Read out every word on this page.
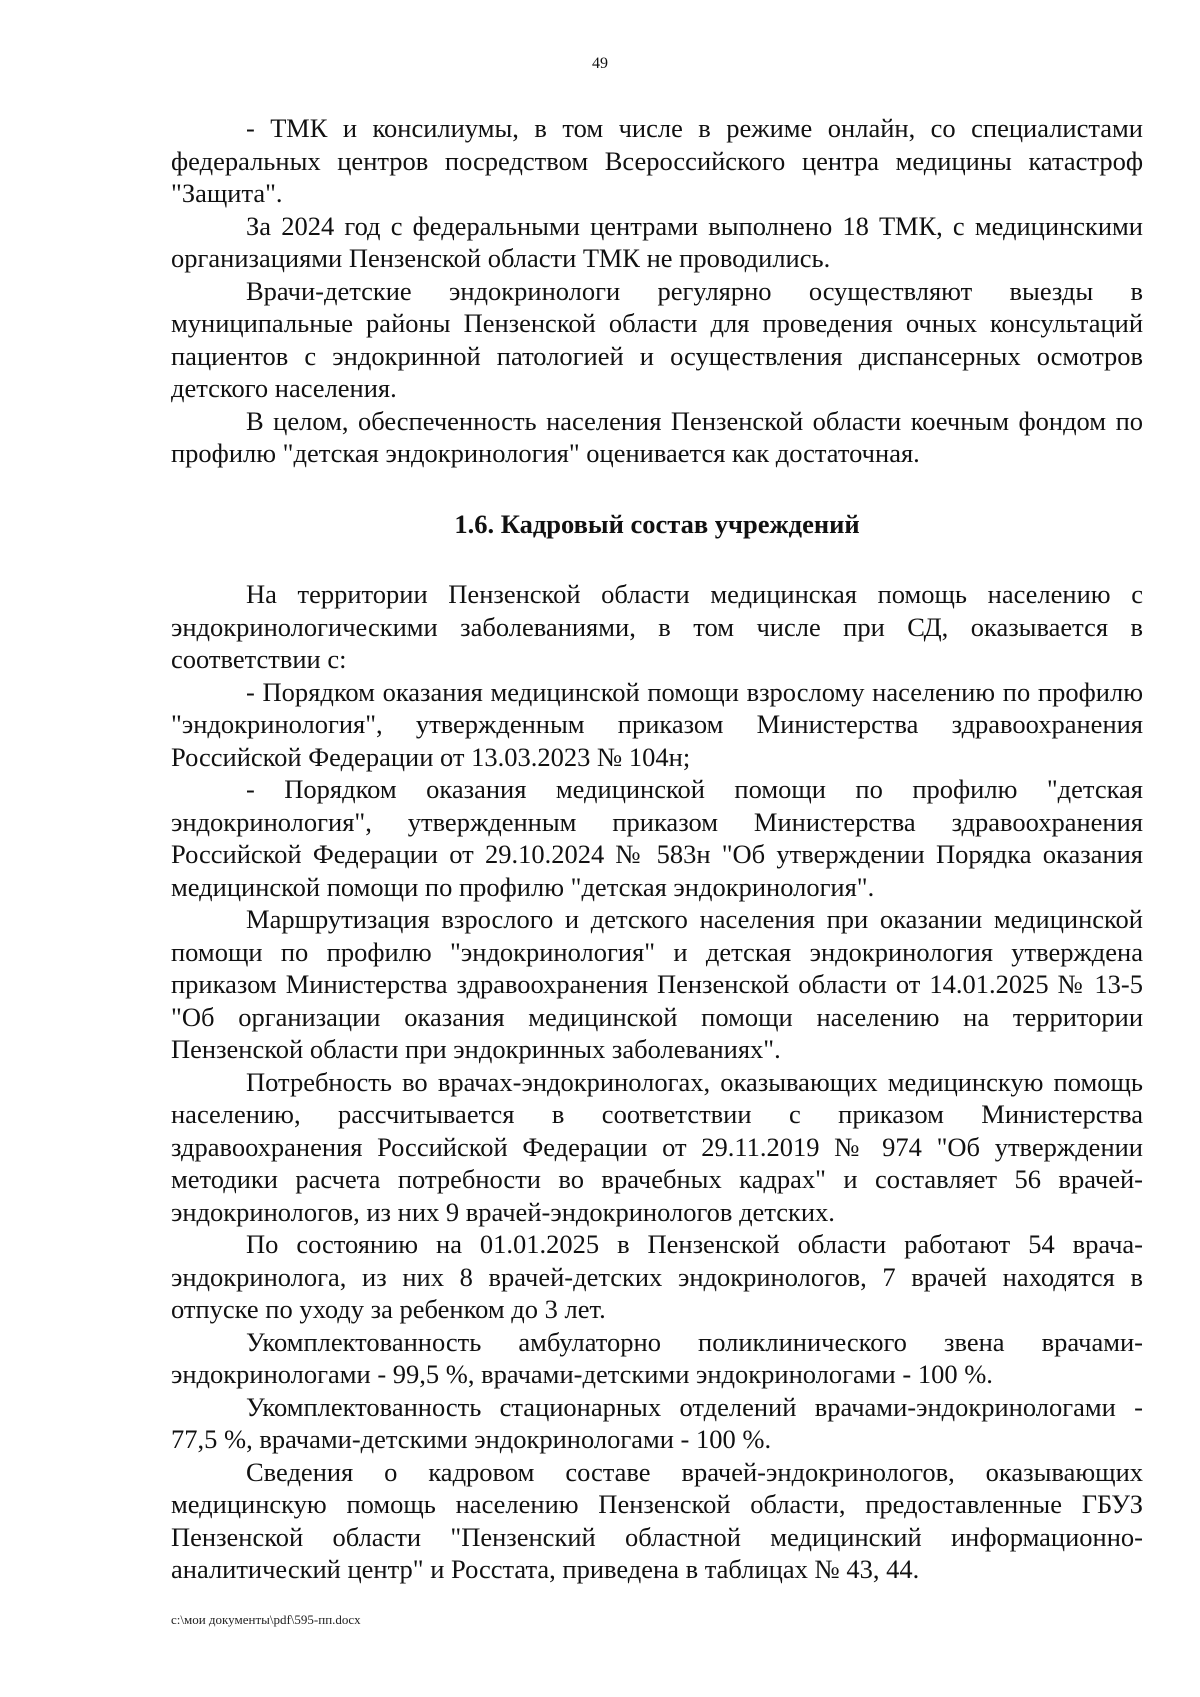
49

- ТМК и консилиумы, в том числе в режиме онлайн, со специалистами федеральных центров посредством Всероссийского центра медицины катастроф "Защита".

За 2024 год с федеральными центрами выполнено 18 ТМК, с медицинскими организациями Пензенской области ТМК не проводились.

Врачи-детские эндокринологи регулярно осуществляют выезды в муниципальные районы Пензенской области для проведения очных консультаций пациентов с эндокринной патологией и осуществления диспансерных осмотров детского населения.

В целом, обеспеченность населения Пензенской области коечным фондом по профилю "детская эндокринология" оценивается как достаточная.

1.6. Кадровый состав учреждений

На территории Пензенской области медицинская помощь населению с эндокринологическими заболеваниями, в том числе при СД, оказывается в соответствии с:

- Порядком оказания медицинской помощи взрослому населению по профилю "эндокринология", утвержденным приказом Министерства здравоохранения Российской Федерации от 13.03.2023 № 104н;

- Порядком оказания медицинской помощи по профилю "детская эндокринология", утвержденным приказом Министерства здравоохранения Российской Федерации от 29.10.2024 № 583н "Об утверждении Порядка оказания медицинской помощи по профилю "детская эндокринология".

Маршрутизация взрослого и детского населения при оказании медицинской помощи по профилю "эндокринология" и детская эндокринология утверждена приказом Министерства здравоохранения Пензенской области от 14.01.2025 № 13-5 "Об организации оказания медицинской помощи населению на территории Пензенской области при эндокринных заболеваниях".

Потребность во врачах-эндокринологах, оказывающих медицинскую помощь населению, рассчитывается в соответствии с приказом Министерства здравоохранения Российской Федерации от 29.11.2019 № 974 "Об утверждении методики расчета потребности во врачебных кадрах" и составляет 56 врачей-эндокринологов, из них 9 врачей-эндокринологов детских.

По состоянию на 01.01.2025 в Пензенской области работают 54 врача-эндокринолога, из них 8 врачей-детских эндокринологов, 7 врачей находятся в отпуске по уходу за ребенком до 3 лет.

Укомплектованность амбулаторно поликлинического звена врачами-эндокринологами - 99,5 %, врачами-детскими эндокринологами - 100 %.

Укомплектованность стационарных отделений врачами-эндокринологами - 77,5 %, врачами-детскими эндокринологами - 100 %.

Сведения о кадровом составе врачей-эндокринологов, оказывающих медицинскую помощь населению Пензенской области, предоставленные ГБУЗ Пензенской области "Пензенский областной медицинский информационно-аналитический центр" и Росстата, приведена в таблицах № 43, 44.

c:\мои документы\pdf\595-пп.docx
